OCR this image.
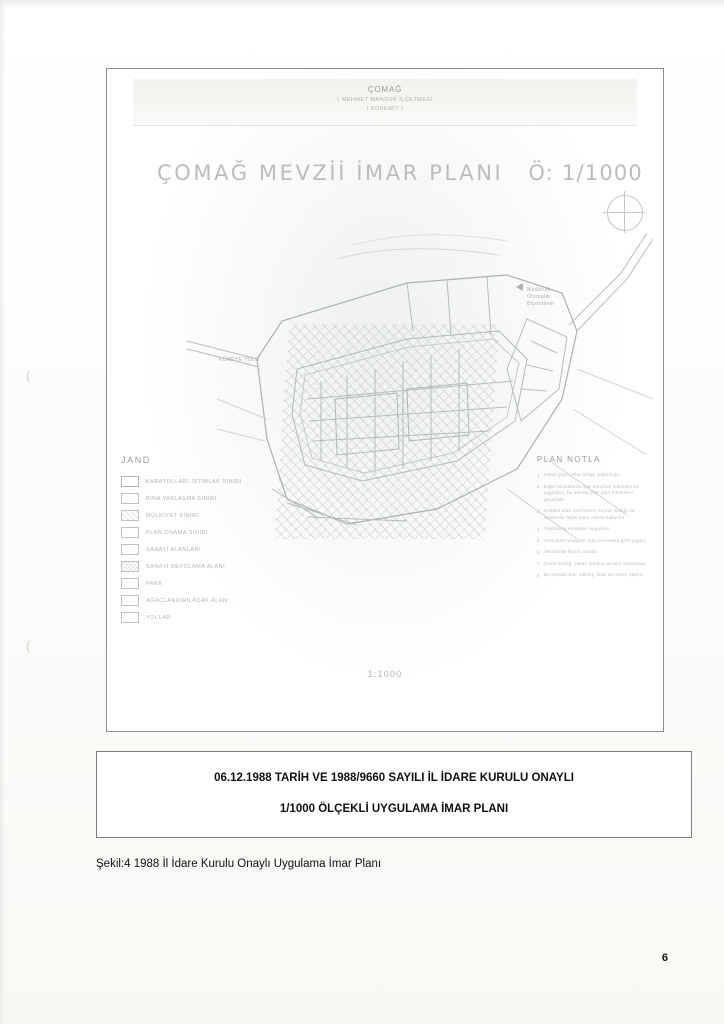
(
(
ÇOMAĞ
( MEHMET MANSUR İLÇETMESİ
( EDREMİT )
ÇOMAĞ MEVZİİ İMAR PLANI	Ö: 1/1000
KÜMEYE YOLU
Müdürlük
Otomatik
Biçerdöver
JAND
KARAYOLLARI İSTİMLAK SINIRI
BİNA YAKLAŞMA SINIRI
MÜLKİYET SINIRI
PLAN ONAMA SINIRI
SANAYİ ALANLARI
SANAYİ DEPOLAMA ALANI
PARK
AĞAÇLANDIRILACAK ALAN
YOLLAR
PLAN NOTLA
1 Genel yapı / Plan bölge yoğunluğu.
2 Diğer hususlarda ilgili mevzuat hükümlerine uygulanır, bu alanda imar plan hükümleri geçerlidir.
3 Çekilen alan içeri bölüm buyruk aralığı ile Müşterek Taşıtı alanı olarak kullanılır.
4 Yapılaşma emsalleri uygulanır.
5 Arsa bölü hesapları ilgili mevzuata göre yapılır.
6 Tesislerde kayıtlı olanlar.
7 Çevre kirliliği yapan kuruluş tesisler kurulamaz.
8 Bu planda imar edilmiş, imar ve revize yapılır.
1:1000
06.12.1988 TARİH VE 1988/9660 SAYILI İL İDARE KURULU ONAYLI
1/1000 ÖLÇEKLİ UYGULAMA İMAR PLANI
Şekil:4 1988 İl İdare Kurulu Onaylı Uygulama İmar Planı
6
